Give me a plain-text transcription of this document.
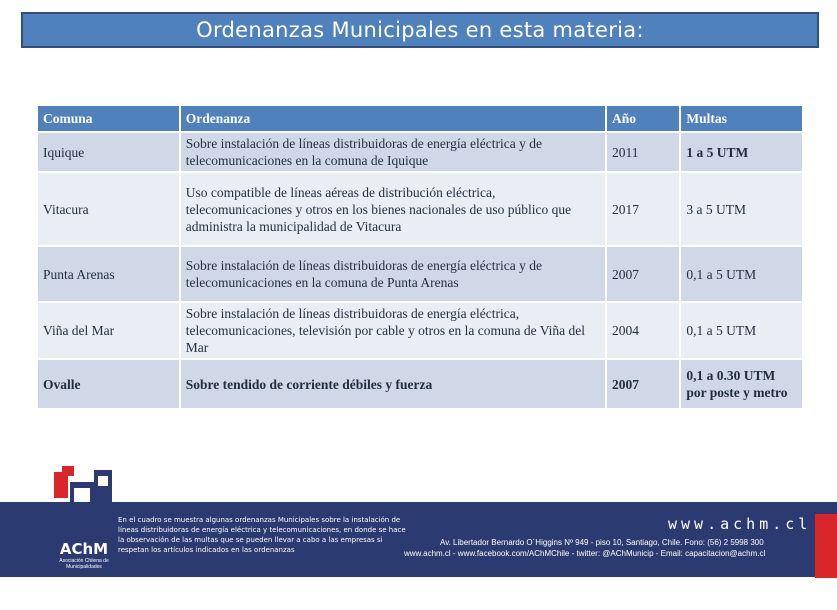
Ordenanzas Municipales en esta materia:
Comuna	Ordenanza	Año	Multas
Iquique	Sobre instalación de líneas distribuidoras de energía eléctrica y de telecomunicaciones en la comuna de Iquique	2011	1 a 5 UTM
Vitacura	Uso compatible de líneas aéreas de distribución eléctrica, telecomunicaciones y otros en los bienes nacionales de uso público que administra la municipalidad de Vitacura	2017	3 a 5 UTM
Punta Arenas	Sobre instalación de líneas distribuidoras de energía eléctrica y de telecomunicaciones en la comuna de Punta Arenas	2007	0,1 a 5 UTM
Viña del Mar	Sobre instalación de líneas distribuidoras de energía eléctrica, telecomunicaciones, televisión por cable y otros en la comuna de Viña del Mar	2004	0,1 a 5 UTM
Ovalle	Sobre tendido de corriente débiles y fuerza	2007	0,1 a 0.30 UTM por poste y metro
AChM
Asociación Chilena de Municipalidades
En el cuadro se muestra algunas ordenanzas Municipales sobre la instalación de líneas distribuidoras de energía eléctrica y telecomunicaciones, en donde se hace la observación de las multas que se pueden llevar a cabo a las empresas si respetan los artículos indicados en las ordenanzas
www.achm.cl
Av. Libertador Bernardo O´Higgins Nº 949 - piso 10, Santiago, Chile. Fono: (56) 2 5998 300
www.achm.cl - www.facebook.com/AChMChile - twitter: @AChMunicip - Email: capacitacion@achm.cl
